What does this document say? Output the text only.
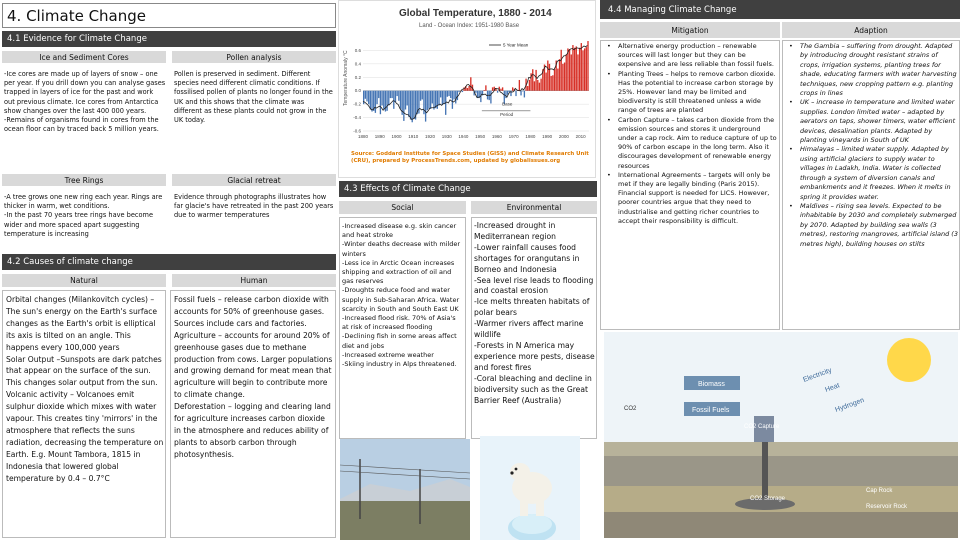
4. Climate Change
4.1 Evidence for Climate Change
Ice and Sediment Cores	Pollen analysis
-Ice cores are made up of layers of snow – one per year. If you drill down you can analyse gases trapped in layers of ice for the past and work out previous climate. Ice cores from Antarctica show changes over the last 400 000 years.
-Remains of organisms found in cores from the ocean floor can by traced back 5 million years.
Pollen is preserved in sediment. Different species need different climatic conditions. If fossilised pollen of plants no longer found in the UK and this shows that the climate was different as these plants could not grow in the UK today.
Tree Rings	Glacial retreat
-A tree grows one new ring each year. Rings are thicker in warm, wet conditions.
-In the past 70 years tree rings have become wider and more spaced apart suggesting temperature is increasing
Evidence through photographs illustrates how far glacie's have retreated in the past 200 years due to warmer temperatures
4.2 Causes of climate change
Natural	Human
Orbital changes (Milankovitch cycles) – The sun's energy on the Earth's surface changes as the Earth's orbit is elliptical its axis is tilted on an angle. This happens every 100,000 years
Solar Output –Sunspots are dark patches that appear on the surface of the sun. This changes solar output from the sun.
Volcanic activity – Volcanoes emit sulphur dioxide which mixes with water vapour. This creates tiny 'mirrors' in the atmosphere that reflects the suns radiation, decreasing the temperature on Earth. E.g. Mount Tambora, 1815 in Indonesia that lowered global temperature by 0.4 – 0.7°C
Fossil fuels – release carbon dioxide with accounts for 50% of greenhouse gases. Sources include cars and factories.
Agriculture – accounts for around 20% of greenhouse gases due to methane production from cows. Larger populations and growing demand for meat mean that agriculture will begin to contribute more to climate change.
Deforestation – logging and clearing land for agriculture increases carbon dioxide in the atmosphere and reduces ability of plants to absorb carbon through photosynthesis.
Global Temperature, 1880 - 2014
Land - Ocean Index: 1951-1980 Base
Temperature Anomaly °C
-0.6
-0.4
-0.2
0.0
0.2
0.4
0.6
5 Year Mean
Base
Period
1880 1890 1900 1910 1920 1930 1940 1950 1960 1970 1980 1990 2000 2010
Source: Goddard Institute for Space Studies (GISS) and Climate Research Unit (CRU), prepared by ProcessTrends.com, updated by globalissues.org
4.3 Effects of Climate Change
Social	Environmental
-Increased disease e.g. skin cancer and heat stroke
-Winter deaths decrease with milder winters
-Less ice in Arctic Ocean increases shipping and extraction of oil and gas reserves
-Droughts reduce food and water supply in Sub-Saharan Africa. Water scarcity in South and South East UK
-Increased flood risk. 70% of Asia's at risk of increased flooding
-Declining fish in some areas affect diet and jobs
-Increased extreme weather
-Skiing industry in Alps threatened.
-Increased drought in Mediterranean region
-Lower rainfall causes food shortages for orangutans in Borneo and Indonesia
-Sea level rise leads to flooding and coastal erosion
-Ice melts threaten habitats of polar bears
-Warmer rivers affect marine wildlife
-Forests in N America may experience more pests, disease and forest fires
-Coral bleaching and decline in biodiversity such as the Great Barrier Reef (Australia)
4.4 Managing Climate Change
Mitigation	Adaption
• Alternative energy production – renewable sources will last longer but they can be expensive and are less reliable than fossil fuels.
• Planting Trees – helps to remove carbon dioxide. Has the potential to increase carbon storage by 25%. However land may be limited and biodiversity is still threatened unless a wide range of trees are planted
• Carbon Capture – takes carbon dioxide from the emission sources and stores it underground under a cap rock. Aim to reduce capture of up to 90% of carbon escape in the long term. Also it discourages development of renewable energy resources
• International Agreements – targets will only be met if they are legally binding (Paris 2015). Financial support is needed for LICS. However, poorer countries argue that they need to industrialise and getting richer countries to accept their responsibility is difficult.
• The Gambia – suffering from drought. Adapted by introducing drought resistant strains of crops, irrigation systems, planting trees for shade, educating farmers with water harvesting techniques, new cropping pattern e.g. planting crops in lines
• UK – increase in temperature and limited water supplies. London limited water – adapted by aerators on taps, shower timers, water efficient devices, desalination plants. Adapted by planting vineyards in South of UK
• Himalayas – limited water supply. Adapted by using artificial glaciers to supply water to villages in Ladakh, India. Water is collected through a system of diversion canals and embankments and it freezes. When it melts in spring it provides water.
• Maldives – rising sea levels. Expected to be inhabitable by 2030 and completely submerged by 2070. Adapted by building sea walls (3 metres), restoring mangroves, artificial island (3 metres high), building houses on stilts
Biomass
Fossil Fuels
CO2
Electricity
Heat
Hydrogen
CO2 Capture
CO2 Storage
Cap Rock
Reservoir Rock
